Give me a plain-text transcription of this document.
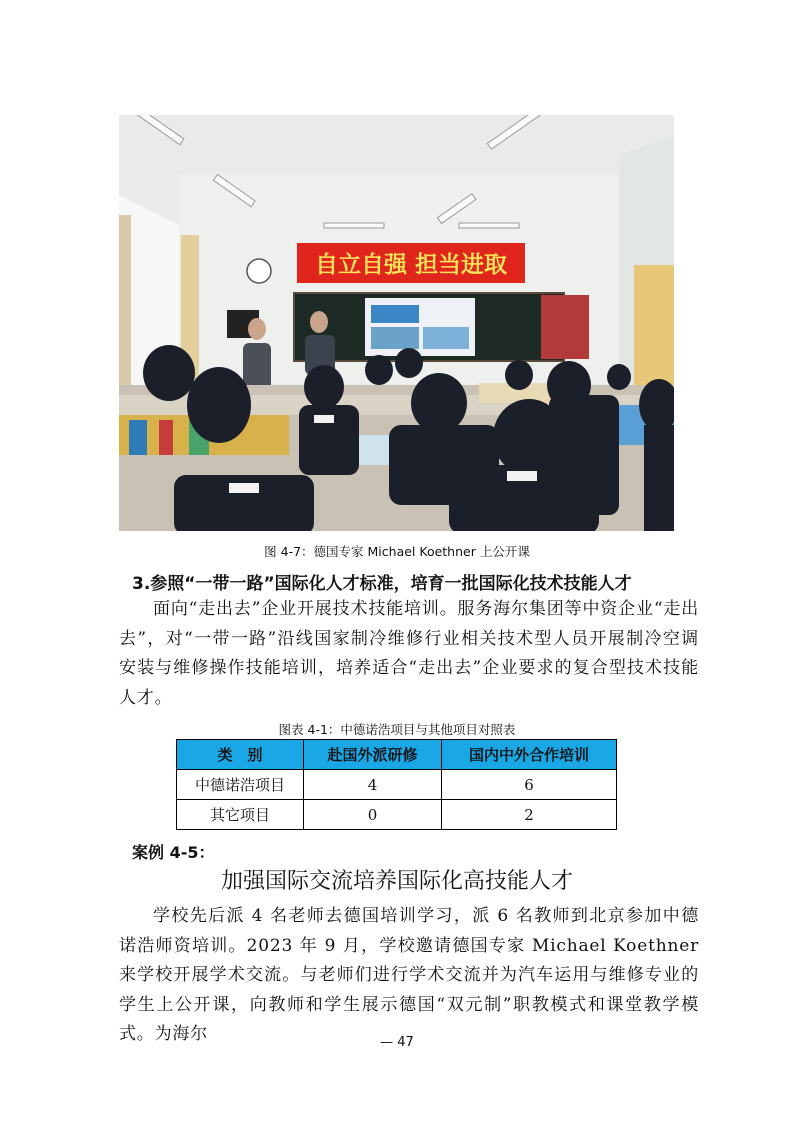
自立自强 担当进取
图 4-7：德国专家 Michael Koethner 上公开课
3.参照“一带一路”国际化人才标准，培育一批国际化技术技能人才

面向“走出去”企业开展技术技能培训。服务海尔集团等中资企业“走出去”，对“一带一路”沿线国家制冷维修行业相关技术型人员开展制冷空调安装与维修操作技能培训，培养适合“走出去”企业要求的复合型技术技能人才。

图表 4-1：中德诺浩项目与其他项目对照表
类　别	赴国外派研修	国内中外合作培训
中德诺浩项目	4	6
其它项目	0	2
案例 4-5：
加强国际交流培养国际化高技能人才

学校先后派 4 名老师去德国培训学习，派 6 名教师到北京参加中德诺浩师资培训。2023 年 9 月，学校邀请德国专家 Michael Koethner 来学校开展学术交流。与老师们进行学术交流并为汽车运用与维修专业的学生上公开课，向教师和学生展示德国“双元制”职教模式和课堂教学模式。为海尔	— 47
